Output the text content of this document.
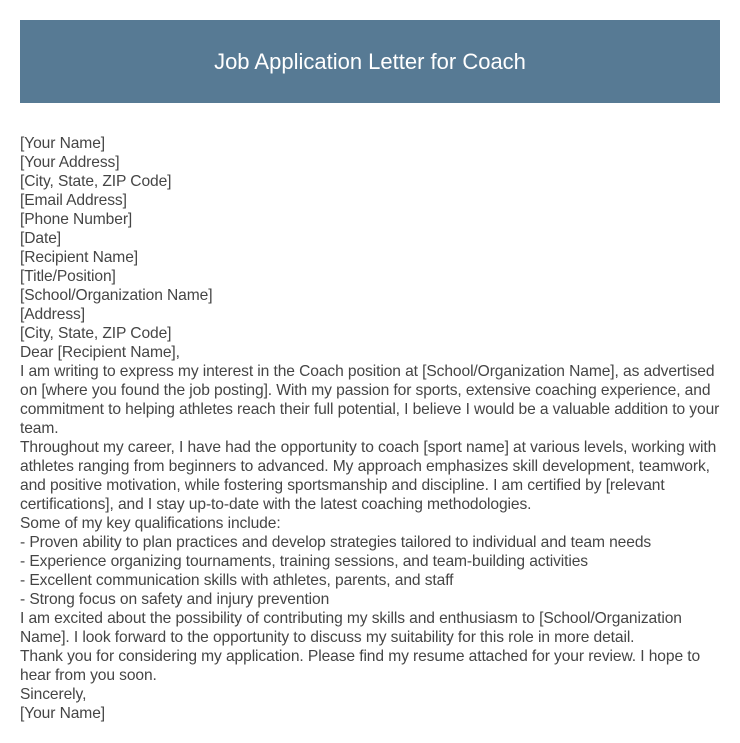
Job Application Letter for Coach

[Your Name]

[Your Address]

[City, State, ZIP Code]

[Email Address]

[Phone Number]

[Date]

[Recipient Name]

[Title/Position]

[School/Organization Name]

[Address]

[City, State, ZIP Code]

Dear [Recipient Name],

I am writing to express my interest in the Coach position at [School/Organization Name], as advertised on [where you found the job posting]. With my passion for sports, extensive coaching experience, and commitment to helping athletes reach their full potential, I believe I would be a valuable addition to your team.

Throughout my career, I have had the opportunity to coach [sport name] at various levels, working with athletes ranging from beginners to advanced. My approach emphasizes skill development, teamwork, and positive motivation, while fostering sportsmanship and discipline. I am certified by [relevant certifications], and I stay up-to-date with the latest coaching methodologies.

Some of my key qualifications include:

- Proven ability to plan practices and develop strategies tailored to individual and team needs

- Experience organizing tournaments, training sessions, and team-building activities

- Excellent communication skills with athletes, parents, and staff

- Strong focus on safety and injury prevention

I am excited about the possibility of contributing my skills and enthusiasm to [School/Organization Name]. I look forward to the opportunity to discuss my suitability for this role in more detail.

Thank you for considering my application. Please find my resume attached for your review. I hope to hear from you soon.

Sincerely,

[Your Name]
